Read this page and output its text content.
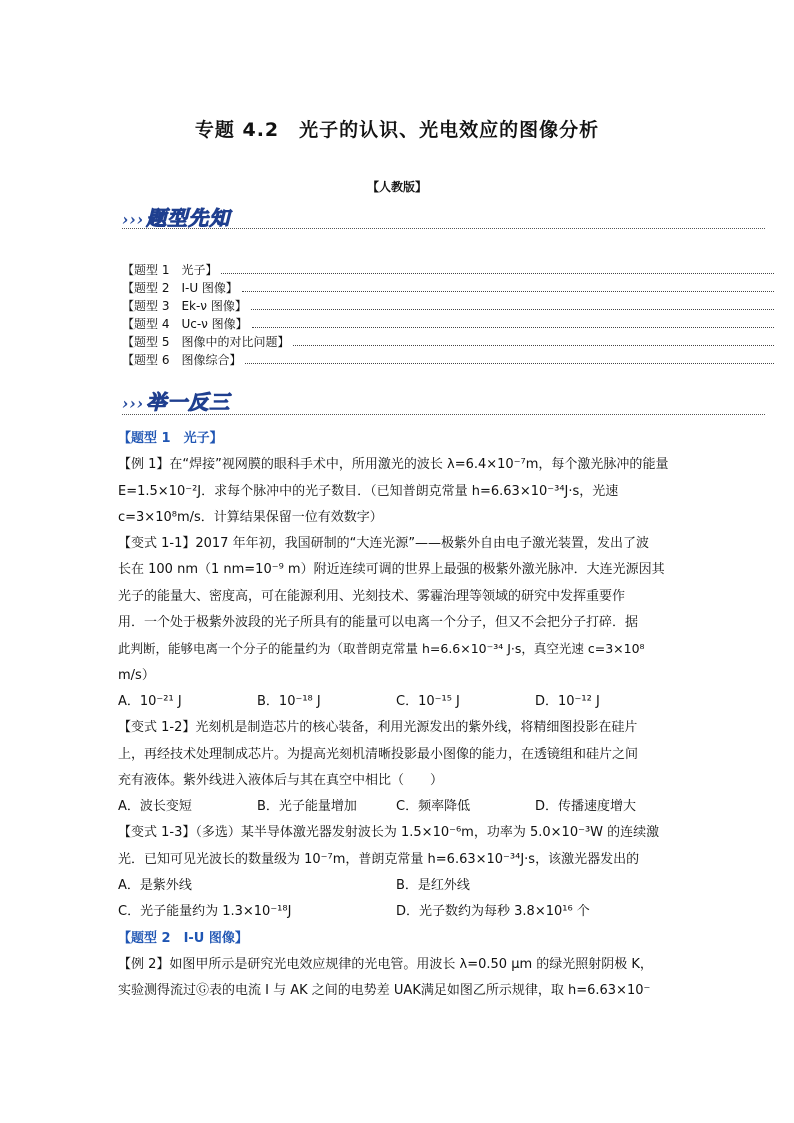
专题 4.2　光子的认识、光电效应的图像分析
【人教版】
››› 题型先知
【题型 1　光子】
【题型 2　I-U 图像】
【题型 3　Ek-ν 图像】
【题型 4　Uc-ν 图像】
【题型 5　图像中的对比问题】
【题型 6　图像综合】
››› 举一反三
【题型 1　光子】
【例 1】在“焊接”视网膜的眼科手术中，所用激光的波长 λ=6.4×10⁻⁷m，每个激光脉冲的能量
E=1.5×10⁻²J．求每个脉冲中的光子数目．（已知普朗克常量 h=6.63×10⁻³⁴J·s，光速
c=3×10⁸m/s．计算结果保留一位有效数字）
【变式 1-1】2017 年年初，我国研制的“大连光源”——极紫外自由电子激光装置，发出了波
长在 100 nm（1 nm=10⁻⁹ m）附近连续可调的世界上最强的极紫外激光脉冲．大连光源因其
光子的能量大、密度高，可在能源利用、光刻技术、雾霾治理等领域的研究中发挥重要作
用．一个处于极紫外波段的光子所具有的能量可以电离一个分子，但又不会把分子打碎．据
此判断，能够电离一个分子的能量约为（取普朗克常量 h=6.6×10⁻³⁴ J·s，真空光速 c=3×10⁸
m/s）
A．10⁻²¹ J	B．10⁻¹⁸ J	C．10⁻¹⁵ J	D．10⁻¹² J
【变式 1-2】光刻机是制造芯片的核心装备，利用光源发出的紫外线，将精细图投影在硅片
上，再经技术处理制成芯片。为提高光刻机清晰投影最小图像的能力，在透镜组和硅片之间
充有液体。紫外线进入液体后与其在真空中相比（　　）
A．波长变短	B．光子能量增加	C．频率降低	D．传播速度增大
【变式 1-3】（多选）某半导体激光器发射波长为 1.5×10⁻⁶m，功率为 5.0×10⁻³W 的连续激
光．已知可见光波长的数量级为 10⁻⁷m，普朗克常量 h=6.63×10⁻³⁴J·s，该激光器发出的
A．是紫外线	B．是红外线
C．光子能量约为 1.3×10⁻¹⁸J	D．光子数约为每秒 3.8×10¹⁶ 个
【题型 2　I-U 图像】
【例 2】如图甲所示是研究光电效应规律的光电管。用波长 λ=0.50 μm 的绿光照射阴极 K，
实验测得流过Ⓖ表的电流 I 与 AK 之间的电势差 UAK满足如图乙所示规律，取 h=6.63×10⁻
